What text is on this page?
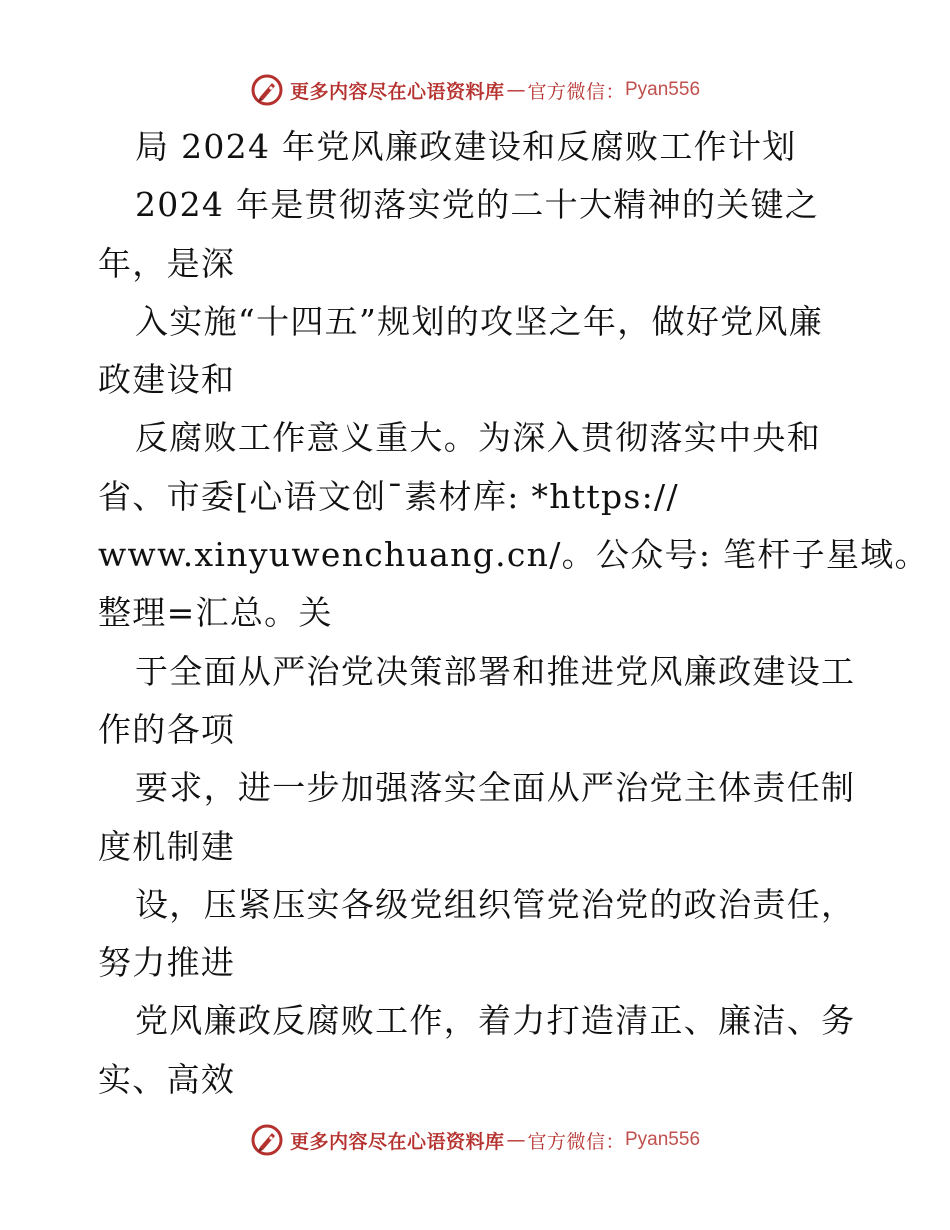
更多内容尽在心语资料库 — 官方微信： Pyan556
局 2024 年党风廉政建设和反腐败工作计划
2024 年是贯彻落实党的二十大精神的关键之
年，是深
入实施“十四五”规划的攻坚之年，做好党风廉
政建设和
反腐败工作意义重大。为深入贯彻落实中央和
省、市委[心语文创¯素材库: *https://
www.xinyuwenchuang.cn/。公众号: 笔杆子星域。
整理=汇总。关
于全面从严治党决策部署和推进党风廉政建设工
作的各项
要求，进一步加强落实全面从严治党主体责任制
度机制建
设，压紧压实各级党组织管党治党的政治责任，
努力推进
党风廉政反腐败工作，着力打造清正、廉洁、务
实、高效
更多内容尽在心语资料库 — 官方微信： Pyan556
